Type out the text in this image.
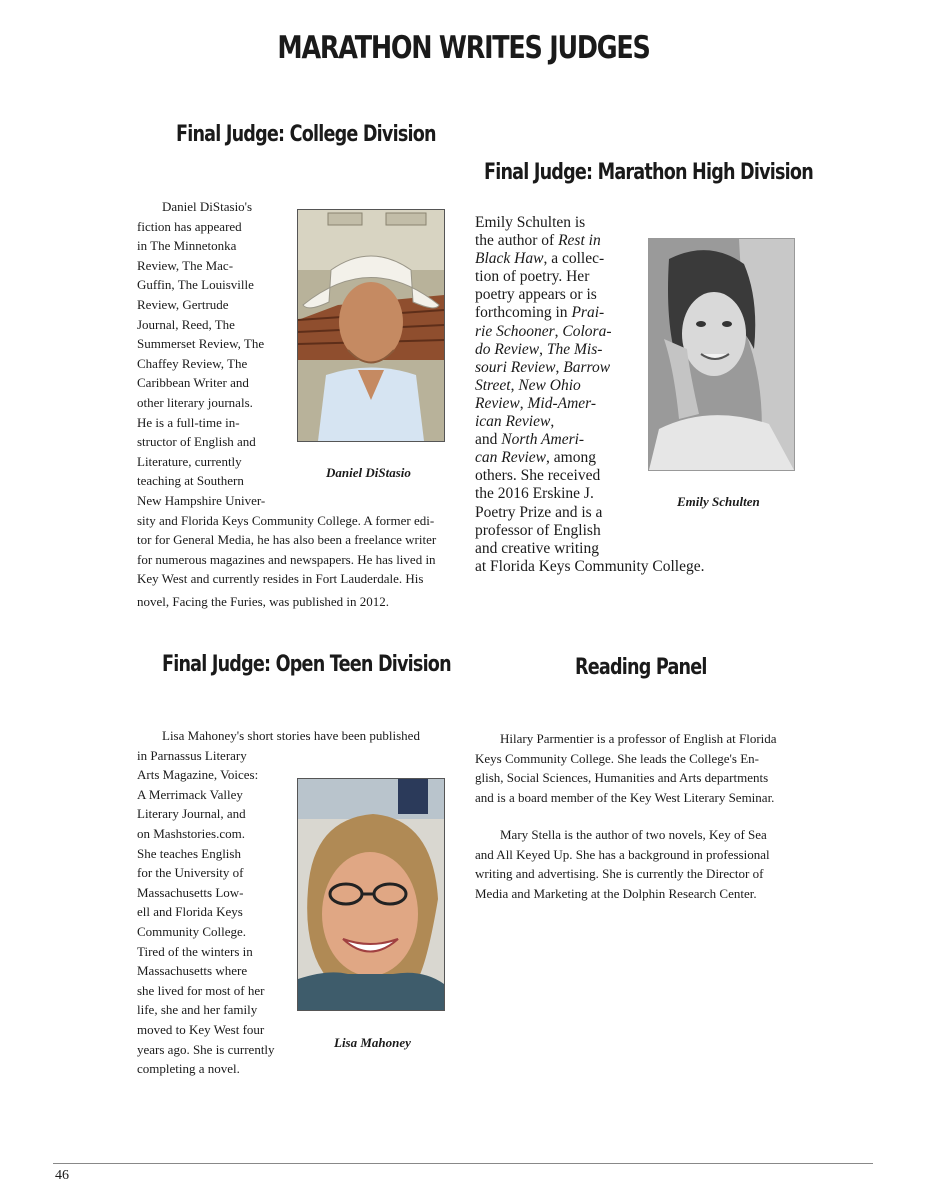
MARATHON WRITES JUDGES
Final Judge: College Division
Daniel DiStasio's
fiction has appeared
in The Minnetonka
Review, The Mac-
Guffin, The Louisville
Review, Gertrude
Journal, Reed, The
Summerset Review, The
Chaffey Review, The
Caribbean Writer and
other literary journals.
He is a full-time in-
structor of English and
Literature, currently
teaching at Southern
New Hampshire Univer-
sity and Florida Keys Community College. A former edi-
tor for General Media, he has also been a freelance writer
for numerous magazines and newspapers. He has lived in
Key West and currently resides in Fort Lauderdale. His
novel, Facing the Furies, was published in 2012.
Daniel DiStasio
Final Judge: Marathon High Division
Emily Schulten is
the author of Rest in
Black Haw, a collec-
tion of poetry. Her
poetry appears or is
forthcoming in Prai-
rie Schooner, Colora-
do Review, The Mis-
souri Review, Barrow
Street, New Ohio
Review, Mid-Amer-
ican Review,
and North Ameri-
can Review, among
others. She received
the 2016 Erskine J.
Poetry Prize and is a
professor of English
and creative writing
at Florida Keys Community College.
Emily Schulten
Final Judge: Open Teen Division
Lisa Mahoney's short stories have been published
in Parnassus Literary
Arts Magazine, Voices:
A Merrimack Valley
Literary Journal, and
on Mashstories.com.
She teaches English
for the University of
Massachusetts Low-
ell and Florida Keys
Community College.
Tired of the winters in
Massachusetts where
she lived for most of her
life, she and her family
moved to Key West four
years ago. She is currently
completing a novel.
Lisa Mahoney
Reading Panel
Hilary Parmentier is a professor of English at Florida
Keys Community College. She leads the College's En-
glish, Social Sciences, Humanities and Arts departments
and is a board member of the Key West Literary Seminar.
Mary Stella is the author of two novels, Key of Sea
and All Keyed Up. She has a background in professional
writing and advertising. She is currently the Director of
Media and Marketing at the Dolphin Research Center.
46
